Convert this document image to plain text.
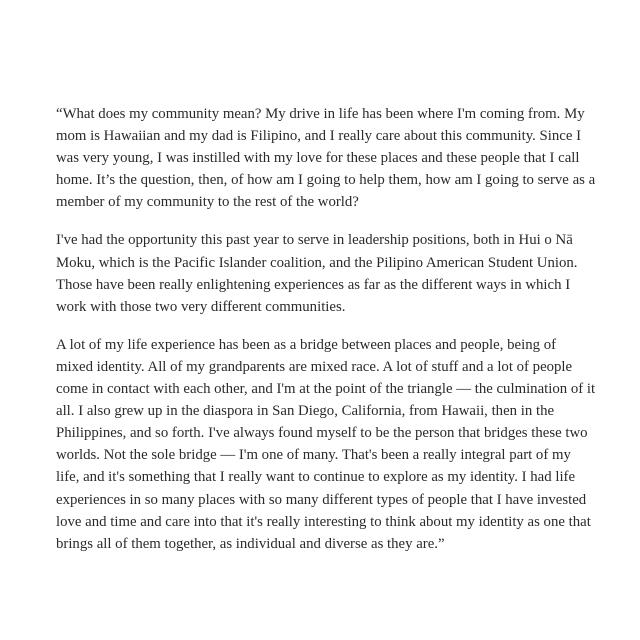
“What does my community mean? My drive in life has been where I'm coming from. My mom is Hawaiian and my dad is Filipino, and I really care about this community. Since I was very young, I was instilled with my love for these places and these people that I call home. It’s the question, then, of how am I going to help them, how am I going to serve as a member of my community to the rest of the world?

I've had the opportunity this past year to serve in leadership positions, both in Hui o Nā Moku, which is the Pacific Islander coalition, and the Pilipino American Student Union. Those have been really enlightening experiences as far as the different ways in which I work with those two very different communities.

A lot of my life experience has been as a bridge between places and people, being of mixed identity. All of my grandparents are mixed race. A lot of stuff and a lot of people come in contact with each other, and I'm at the point of the triangle — the culmination of it all. I also grew up in the diaspora in San Diego, California, from Hawaii, then in the Philippines, and so forth. I've always found myself to be the person that bridges these two worlds. Not the sole bridge — I'm one of many. That's been a really integral part of my life, and it's something that I really want to continue to explore as my identity. I had life experiences in so many places with so many different types of people that I have invested love and time and care into that it's really interesting to think about my identity as one that brings all of them together, as individual and diverse as they are.”
